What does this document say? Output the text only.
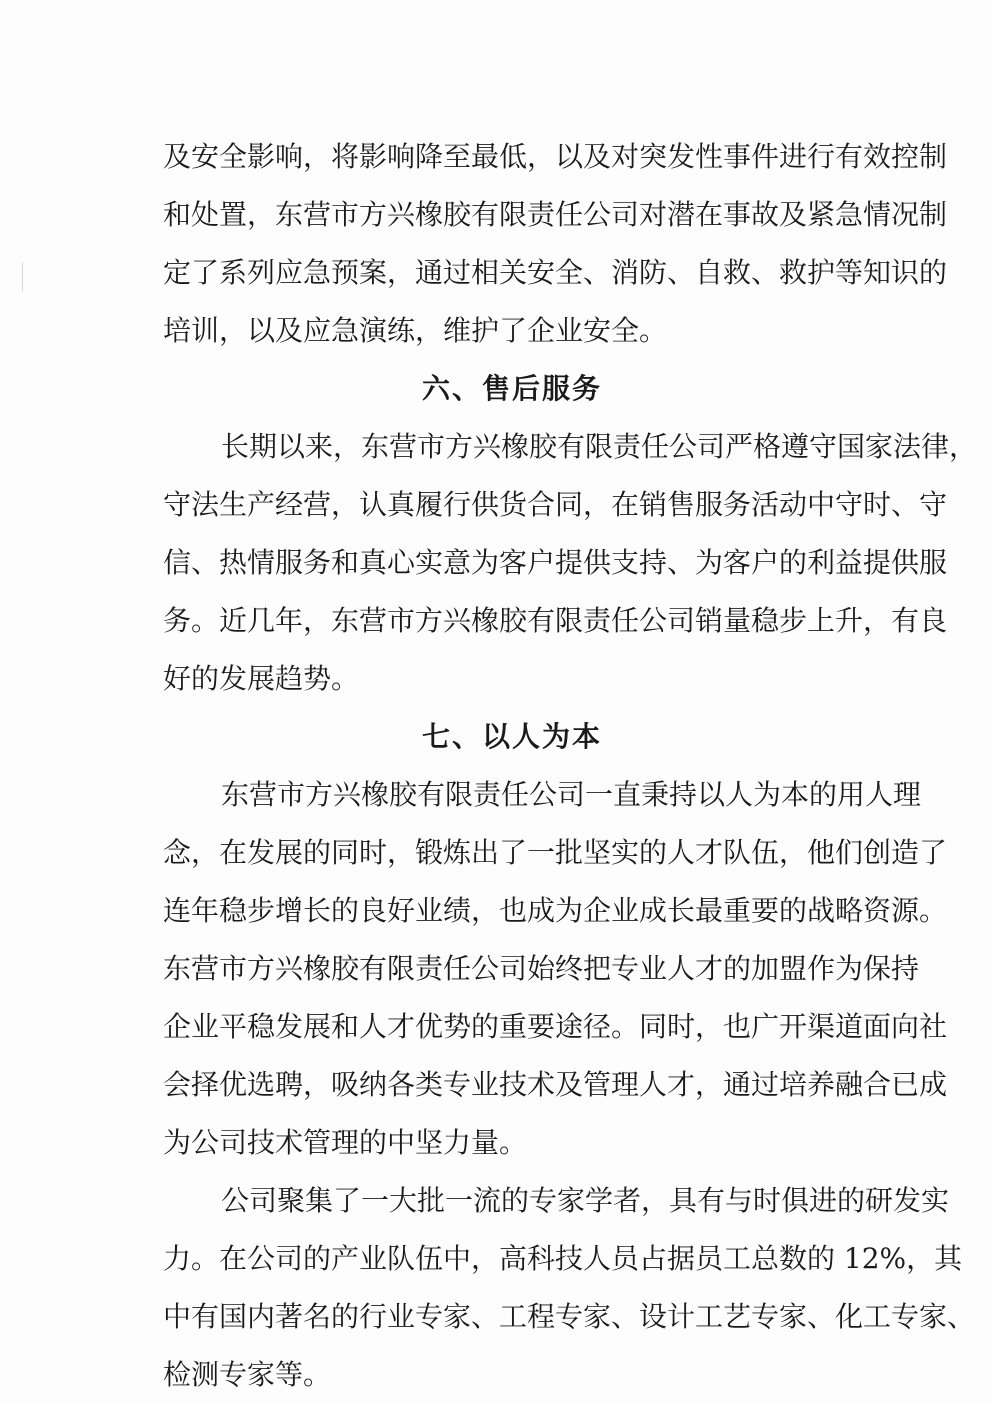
及安全影响，将影响降至最低，以及对突发性事件进行有效控制
和处置，东营市方兴橡胶有限责任公司对潜在事故及紧急情况制
定了系列应急预案，通过相关安全、消防、自救、救护等知识的
培训，以及应急演练，维护了企业安全。
六、售后服务
长期以来，东营市方兴橡胶有限责任公司严格遵守国家法律，
守法生产经营，认真履行供货合同，在销售服务活动中守时、守
信、热情服务和真心实意为客户提供支持、为客户的利益提供服
务。近几年，东营市方兴橡胶有限责任公司销量稳步上升，有良
好的发展趋势。
七、以人为本
东营市方兴橡胶有限责任公司一直秉持以人为本的用人理
念，在发展的同时，锻炼出了一批坚实的人才队伍，他们创造了
连年稳步增长的良好业绩，也成为企业成长最重要的战略资源。
东营市方兴橡胶有限责任公司始终把专业人才的加盟作为保持
企业平稳发展和人才优势的重要途径。同时，也广开渠道面向社
会择优选聘，吸纳各类专业技术及管理人才，通过培养融合已成
为公司技术管理的中坚力量。
公司聚集了一大批一流的专家学者，具有与时俱进的研发实
力。在公司的产业队伍中，高科技人员占据员工总数的 12%，其
中有国内著名的行业专家、工程专家、设计工艺专家、化工专家、
检测专家等。
